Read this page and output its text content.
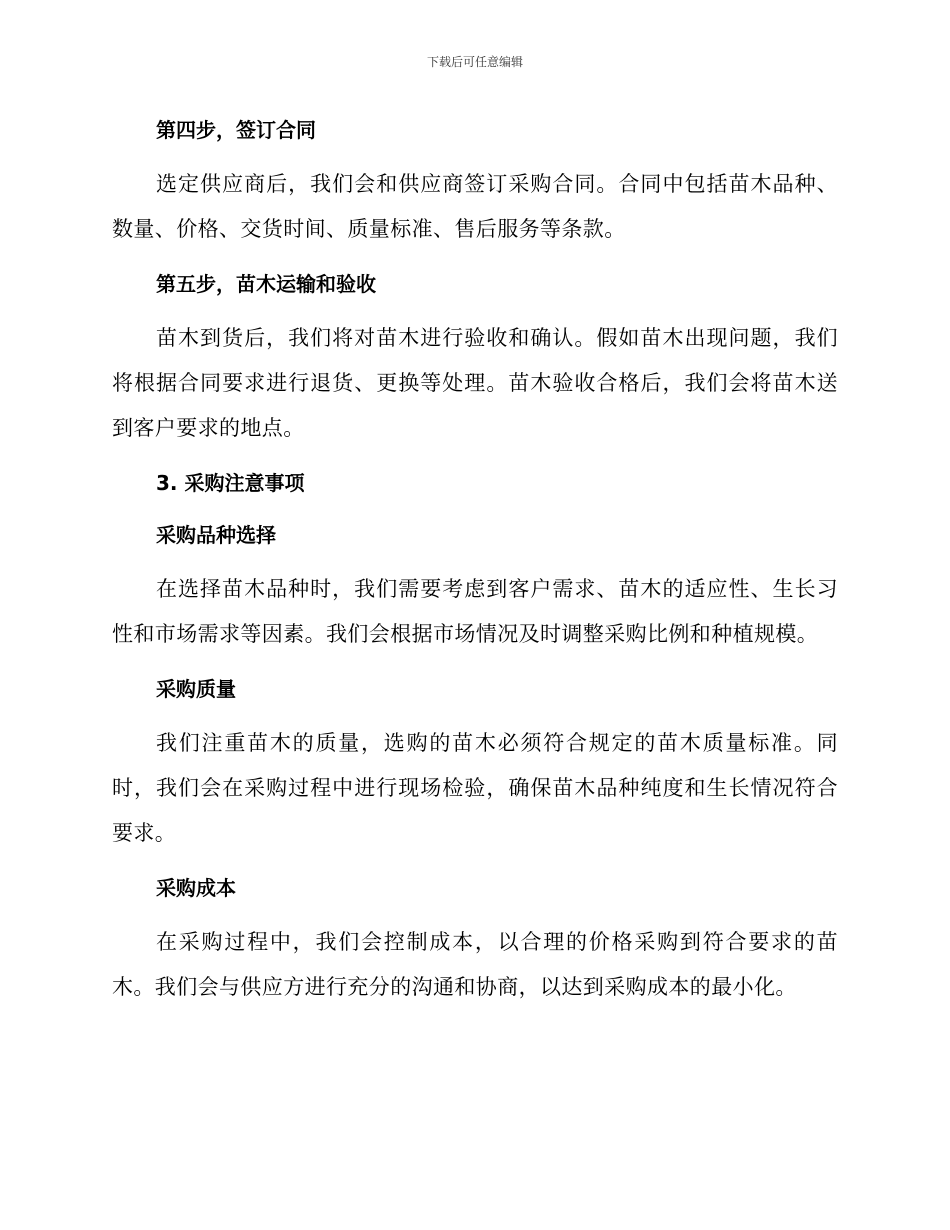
下载后可任意编辑
第四步，签订合同

选定供应商后，我们会和供应商签订采购合同。合同中包括苗木品种、数量、价格、交货时间、质量标准、售后服务等条款。

第五步，苗木运输和验收

苗木到货后，我们将对苗木进行验收和确认。假如苗木出现问题，我们将根据合同要求进行退货、更换等处理。苗木验收合格后，我们会将苗木送到客户要求的地点。

3. 采购注意事项
采购品种选择

在选择苗木品种时，我们需要考虑到客户需求、苗木的适应性、生长习性和市场需求等因素。我们会根据市场情况及时调整采购比例和种植规模。

采购质量

我们注重苗木的质量，选购的苗木必须符合规定的苗木质量标准。同时，我们会在采购过程中进行现场检验，确保苗木品种纯度和生长情况符合要求。

采购成本

在采购过程中，我们会控制成本，以合理的价格采购到符合要求的苗木。我们会与供应方进行充分的沟通和协商，以达到采购成本的最小化。
